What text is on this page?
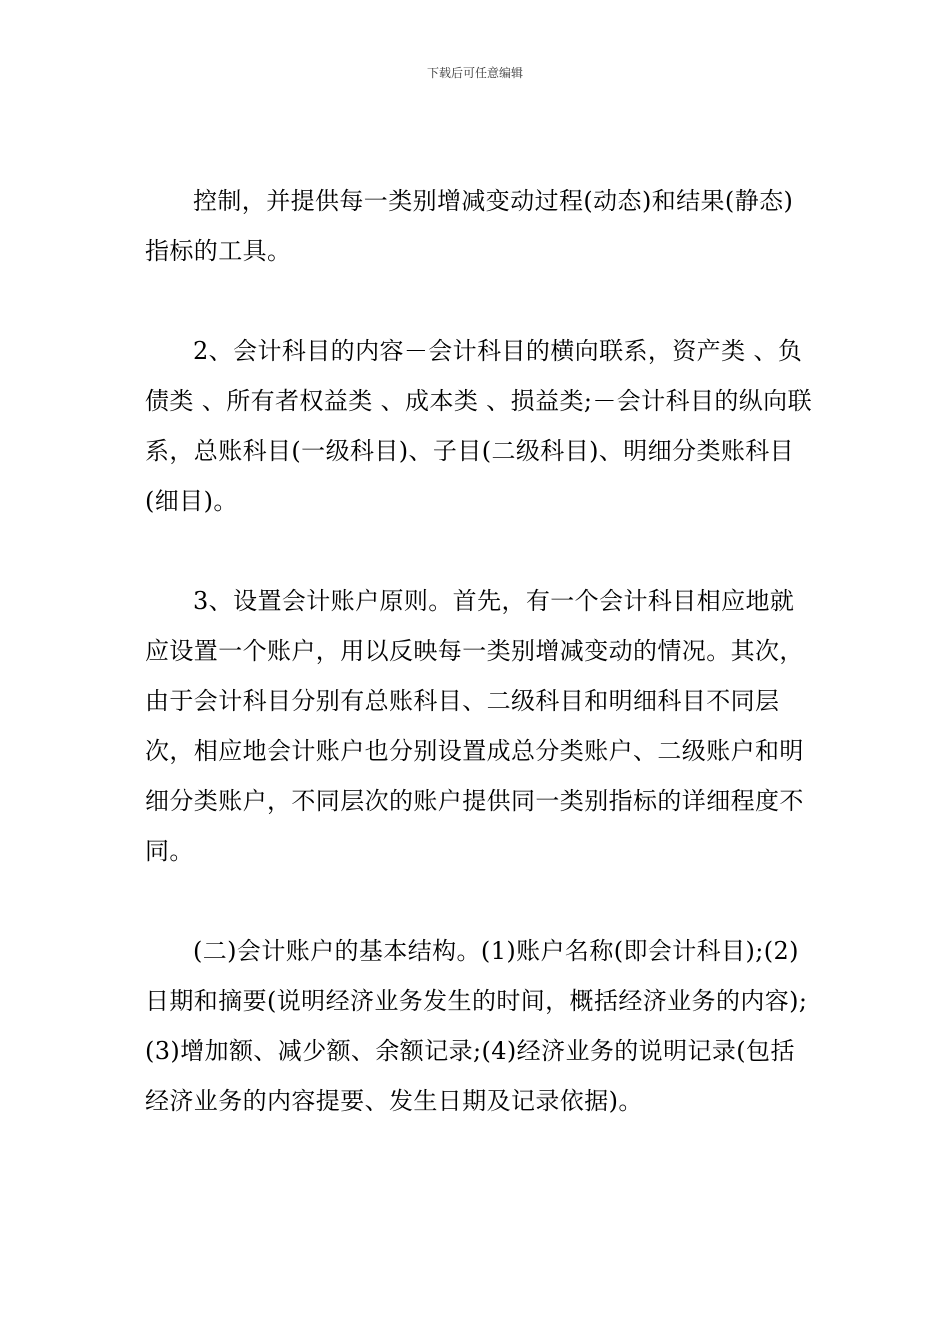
下载后可任意编辑

控制，并提供每一类别增减变动过程(动态)和结果(静态)指标的工具。

2、会计科目的内容－会计科目的横向联系，资产类 、负债类 、所有者权益类 、成本类 、损益类;－会计科目的纵向联系，总账科目(一级科目)、子目(二级科目)、明细分类账科目(细目)。

3、设置会计账户原则。首先，有一个会计科目相应地就应设置一个账户，用以反映每一类别增减变动的情况。其次，由于会计科目分别有总账科目、二级科目和明细科目不同层次，相应地会计账户也分别设置成总分类账户、二级账户和明细分类账户，不同层次的账户提供同一类别指标的详细程度不同。

(二)会计账户的基本结构。(1)账户名称(即会计科目);(2)日期和摘要(说明经济业务发生的时间，概括经济业务的内容);(3)增加额、减少额、余额记录;(4)经济业务的说明记录(包括经济业务的内容提要、发生日期及记录依据)。
